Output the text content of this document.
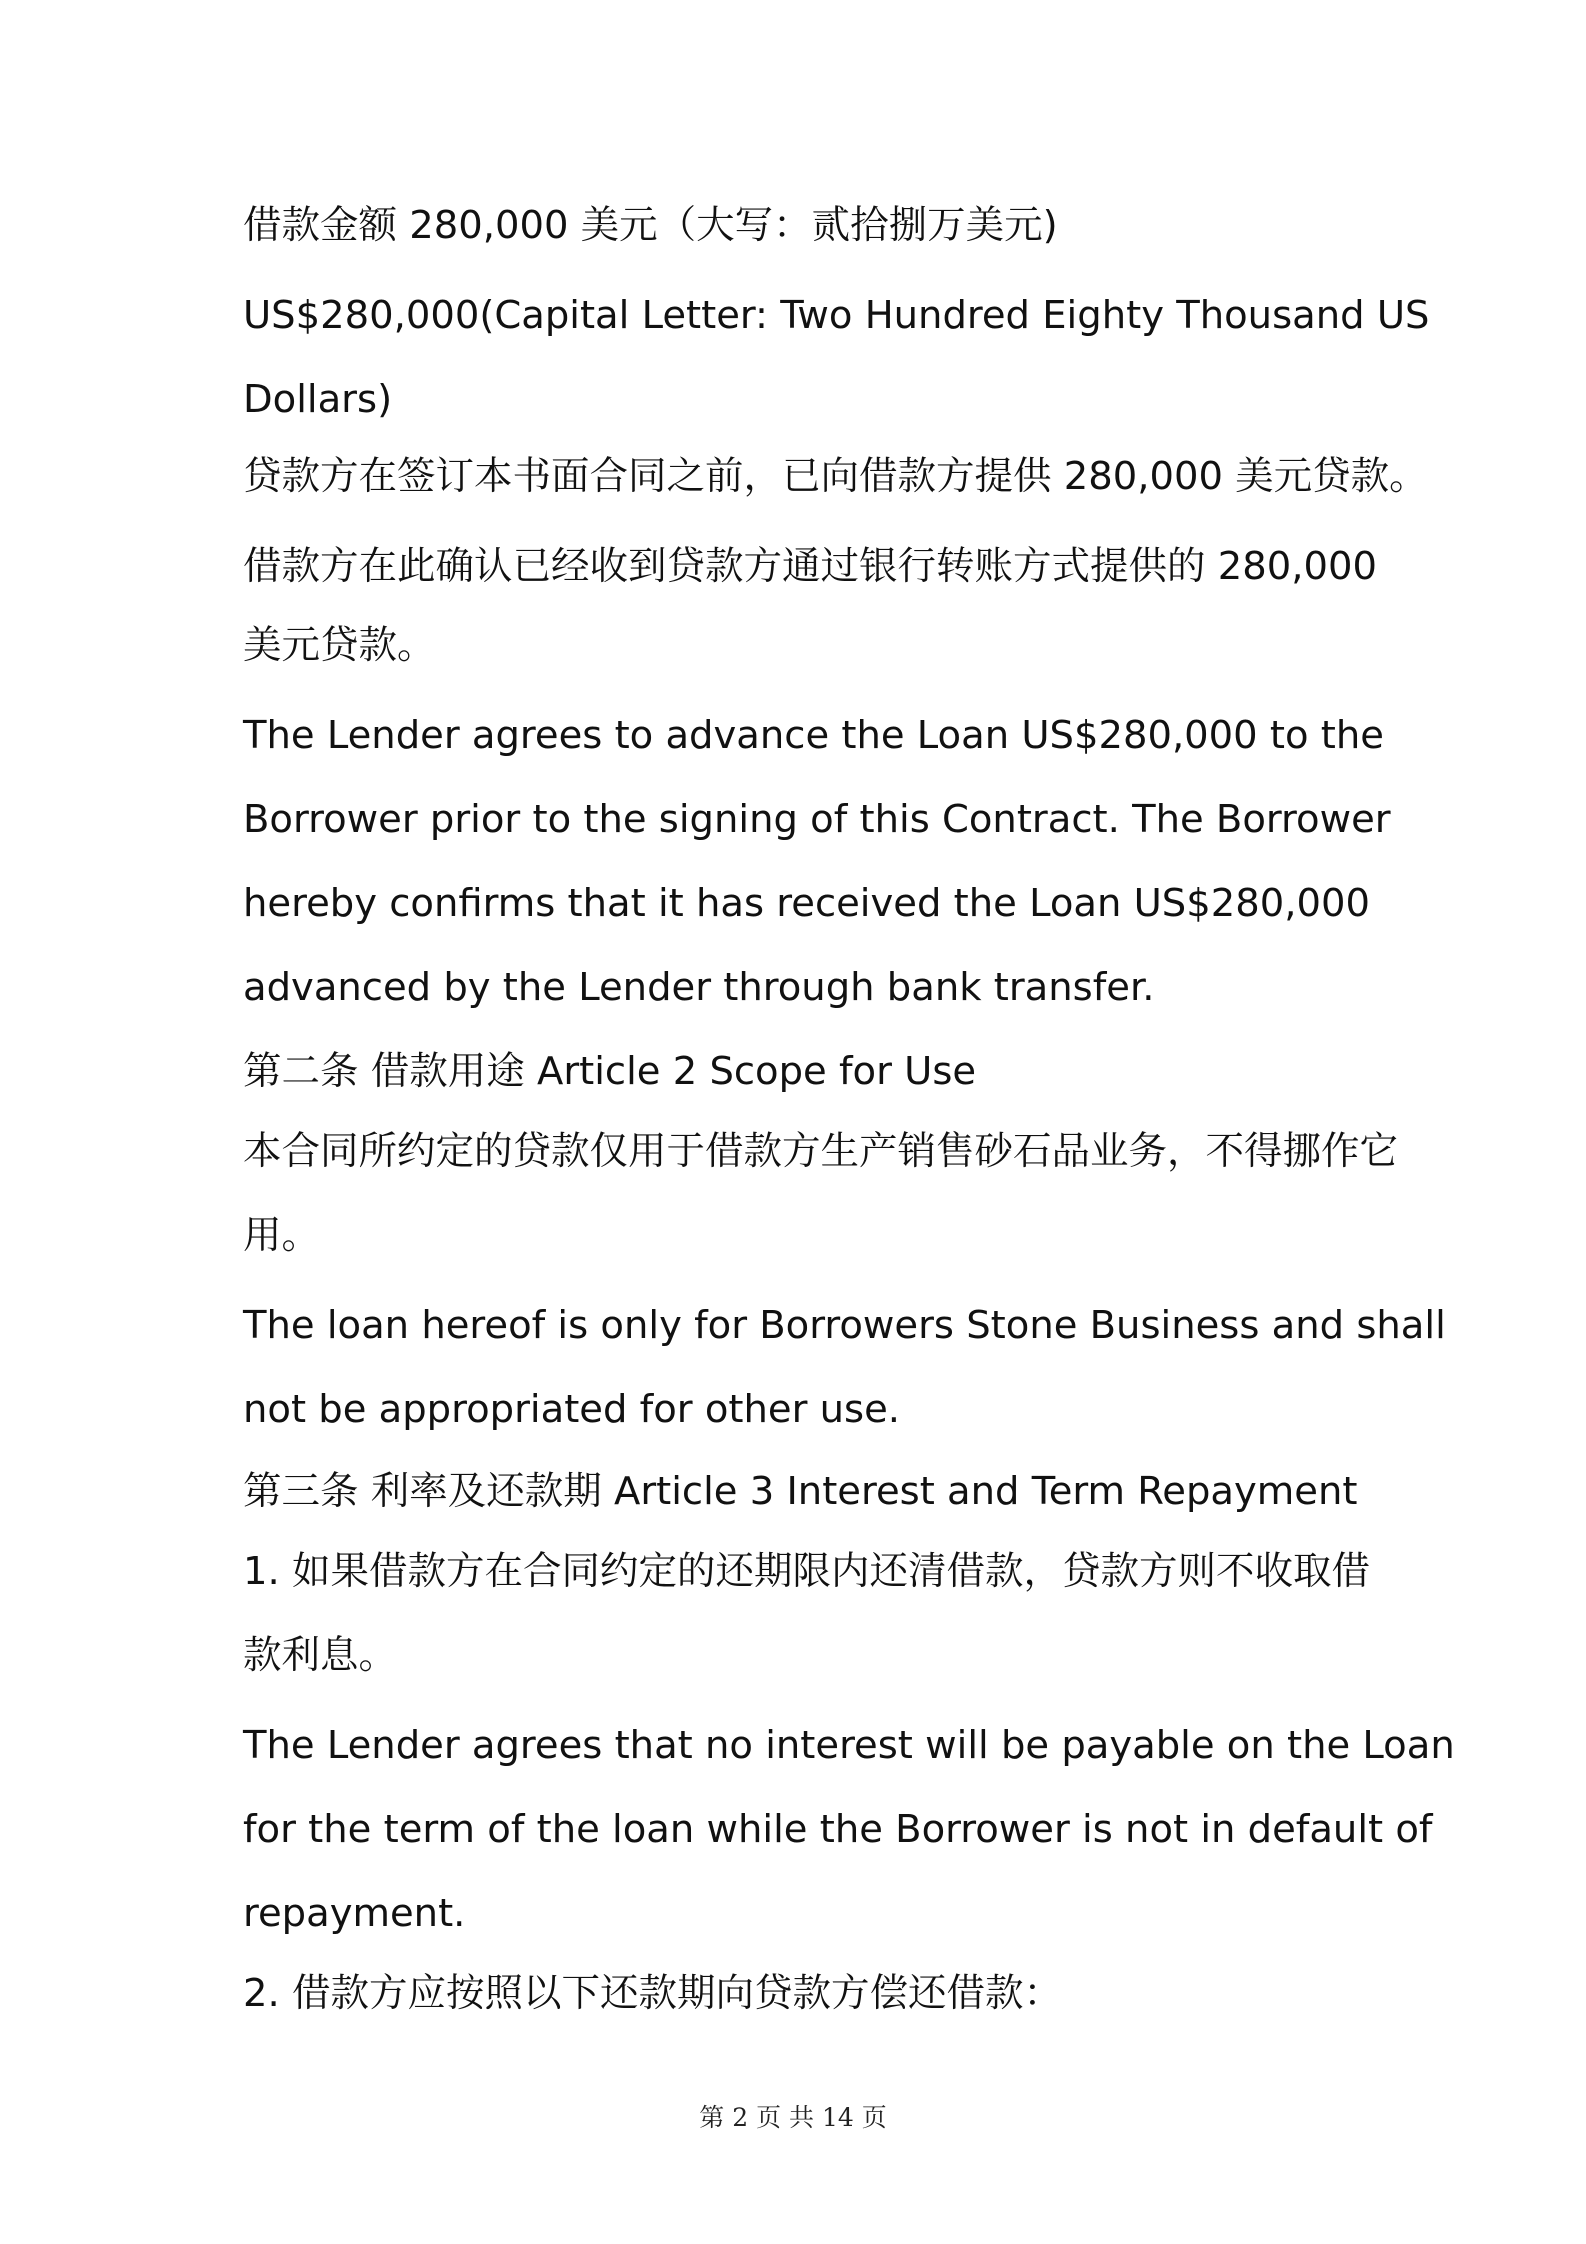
借款金额 280,000 美元（大写：贰拾捌万美元)
US$280,000(Capital Letter: Two Hundred Eighty Thousand US
Dollars)
贷款方在签订本书面合同之前，已向借款方提供 280,000 美元贷款。
借款方在此确认已经收到贷款方通过银行转账方式提供的 280,000
美元贷款。
The Lender agrees to advance the Loan US$280,000 to the
Borrower prior to the signing of this Contract. The Borrower
hereby confirms that it has received the Loan US$280,000
advanced by the Lender through bank transfer.
第二条 借款用途 Article 2 Scope for Use
本合同所约定的贷款仅用于借款方生产销售砂石品业务，不得挪作它
用。
The loan hereof is only for Borrowers Stone Business and shall
not be appropriated for other use.
第三条 利率及还款期 Article 3 Interest and Term Repayment
1. 如果借款方在合同约定的还期限内还清借款，贷款方则不收取借
款利息。
The Lender agrees that no interest will be payable on the Loan
for the term of the loan while the Borrower is not in default of
repayment.
2. 借款方应按照以下还款期向贷款方偿还借款：
第 2 页 共 14 页
